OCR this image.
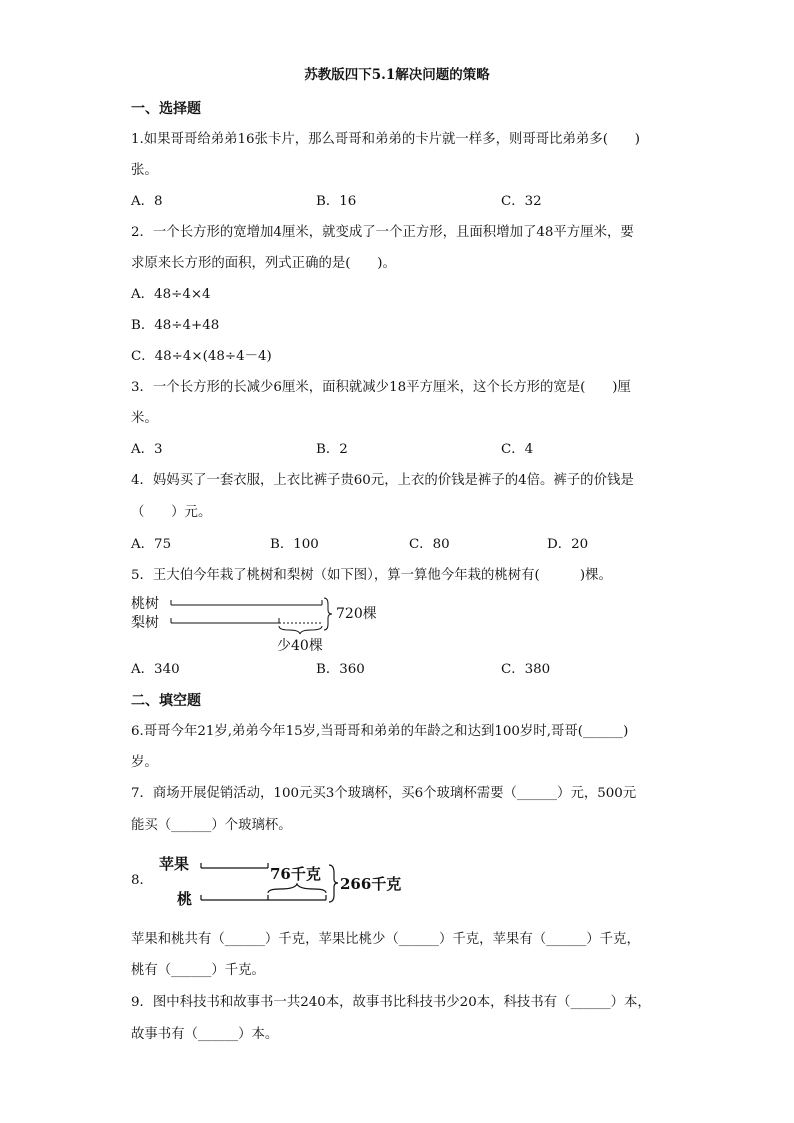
苏教版四下5.1解决问题的策略
一、选择题
1.如果哥哥给弟弟16张卡片，那么哥哥和弟弟的卡片就一样多，则哥哥比弟弟多(　　)
张。
A．8	B．16	C．32
2．一个长方形的宽增加4厘米，就变成了一个正方形，且面积增加了48平方厘米，要
求原来长方形的面积，列式正确的是(　　)。
A．48÷4×4
B．48÷4+48
C．48÷4×(48÷4－4)
3．一个长方形的长减少6厘米，面积就减少18平方厘米，这个长方形的宽是(　　)厘
米。
A．3	B．2	C．4
4．妈妈买了一套衣服，上衣比裤子贵60元，上衣的价钱是裤子的4倍。裤子的价钱是
（　　）元。
A．75	B．100	C．80	D．20
5．王大伯今年栽了桃树和梨树（如下图），算一算他今年栽的桃树有(　　　)棵。
桃树
梨树
720棵
少40棵
A．340	B．360	C．380
二、填空题
6.哥哥今年21岁,弟弟今年15岁,当哥哥和弟弟的年龄之和达到100岁时,哥哥(______)
岁。
7．商场开展促销活动，100元买3个玻璃杯，买6个玻璃杯需要（______）元，500元
能买（______）个玻璃杯。
8．
苹果
桃
76千克
266千克
苹果和桃共有（______）千克，苹果比桃少（______）千克，苹果有（______）千克，
桃有（______）千克。
9．图中科技书和故事书一共240本，故事书比科技书少20本，科技书有（______）本，
故事书有（______）本。
